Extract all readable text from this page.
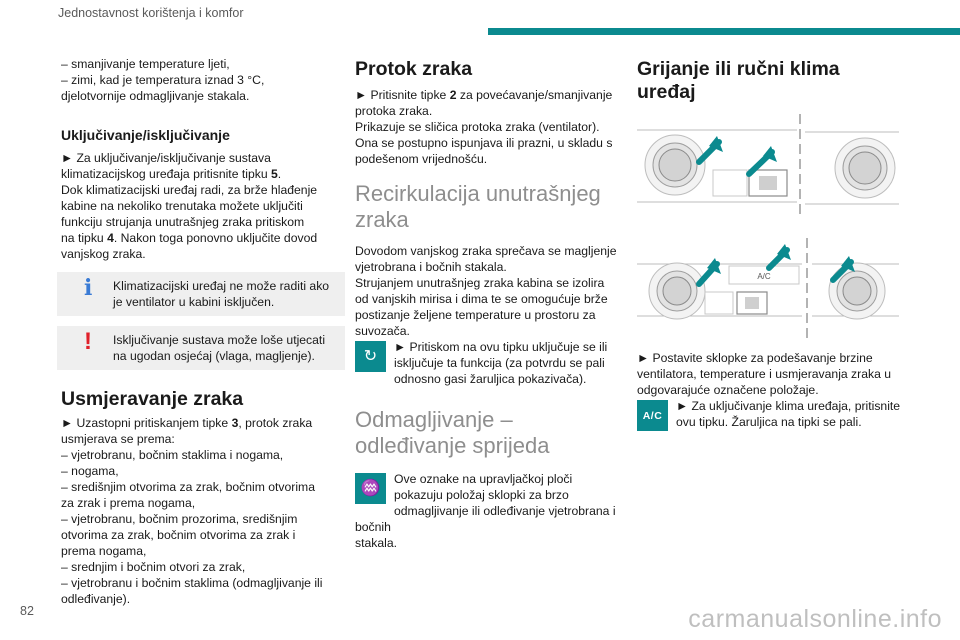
Jednostavnost korištenja i komfor

– smanjivanje temperature ljeti,
– zimi, kad je temperatura iznad 3 °C,
djelotvornije odmagljivanje stakala.

Uključivanje/isključivanje

► Za uključivanje/isključivanje sustava
klimatizacijskog uređaja pritisnite tipku 5.
Dok klimatizacijski uređaj radi, za brže hlađenje
kabine na nekoliko trenutaka možete uključiti
funkciju strujanja unutrašnjeg zraka pritiskom
na tipku 4. Nakon toga ponovno uključite dovod
vanjskog zraka.

i Klimatizacijski uređaj ne može raditi ako
je ventilator u kabini isključen.
! Isključivanje sustava može loše utjecati
na ugodan osjećaj (vlaga, magljenje).
Usmjeravanje zraka

► Uzastopni pritiskanjem tipke 3, protok zraka
usmjerava se prema:
– vjetrobranu, bočnim staklima i nogama,
– nogama,
– središnjim otvorima za zrak, bočnim otvorima
za zrak i prema nogama,
– vjetrobranu, bočnim prozorima, središnjim
otvorima za zrak, bočnim otvorima za zrak i
prema nogama,
– srednjim i bočnim otvori za zrak,
– vjetrobranu i bočnim staklima (odmagljivanje ili
odleđivanje).

Protok zraka

► Pritisnite tipke 2 za povećavanje/smanjivanje
protoka zraka.
Prikazuje se sličica protoka zraka (ventilator).
Ona se postupno ispunjava ili prazni, u skladu s
podešenom vrijednošću.

Recirkulacija unutrašnjeg
zraka

Dovodom vanjskog zraka sprečava se magljenje
vjetrobrana i bočnih stakala.
Strujanjem unutrašnjeg zraka kabina se izolira
od vanjskih mirisa i dima te se omogućuje brže
postizanje željene temperature u prostoru za
suvozača.

↻
► Pritiskom na ovu tipku uključuje se ili
isključuje ta funkcija (za potvrdu se pali
odnosno gasi žaruljica pokazivača).

Odmagljivanje –
odleđivanje sprijeda

♒
Ove oznake na upravljačkoj ploči
pokazuju položaj sklopki za brzo
odmagljivanje ili odleđivanje vjetrobrana i bočnih
stakala.

Grijanje ili ručni klima
uređaj
A/C

► Postavite sklopke za podešavanje brzine
ventilatora, temperature i usmjeravanja zraka u
odgovarajuće označene položaje.

A/C
► Za uključivanje klima uređaja, pritisnite
ovu tipku. Žaruljica na tipki se pali.

82	carmanualsonline.info
